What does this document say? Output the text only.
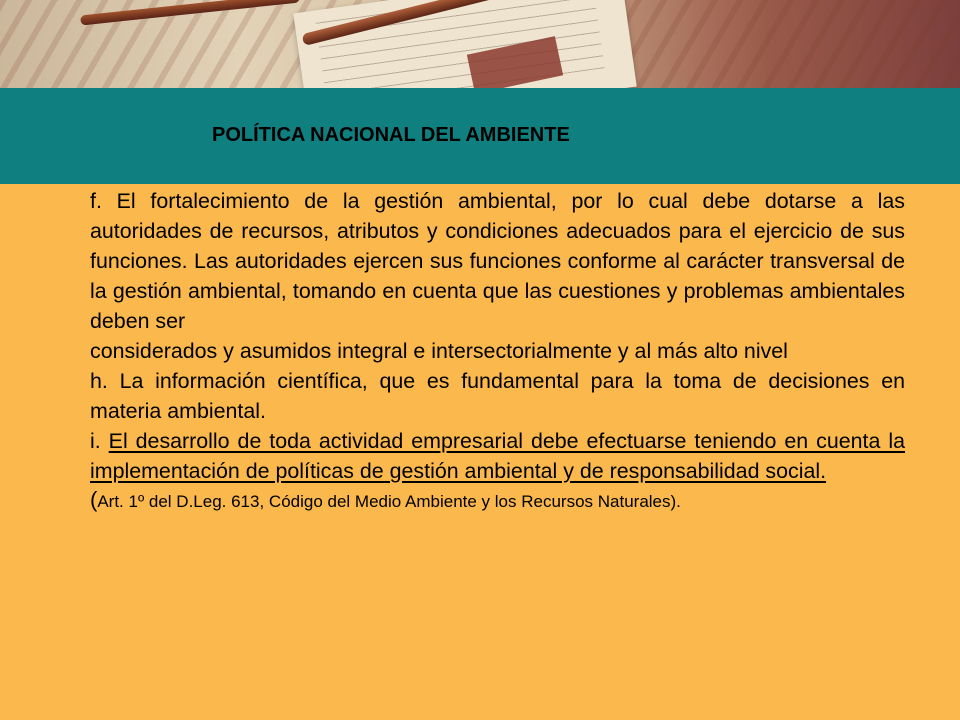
POLÍTICA NACIONAL DEL AMBIENTE

f. El fortalecimiento de la gestión ambiental, por lo cual debe dotarse a las autoridades de recursos, atributos y condiciones adecuados para el ejercicio de sus funciones. Las autoridades ejercen sus funciones conforme al carácter transversal de la gestión ambiental, tomando en cuenta que las cuestiones y problemas ambientales deben ser

considerados y asumidos integral e intersectorialmente y al más alto nivel

h. La información científica, que es fundamental para la toma de decisiones en materia ambiental.

i. El desarrollo de toda actividad empresarial debe efectuarse teniendo en cuenta la implementación de políticas de gestión ambiental y de responsabilidad social.

(Art. 1º del D.Leg. 613, Código del Medio Ambiente y los Recursos Naturales).
